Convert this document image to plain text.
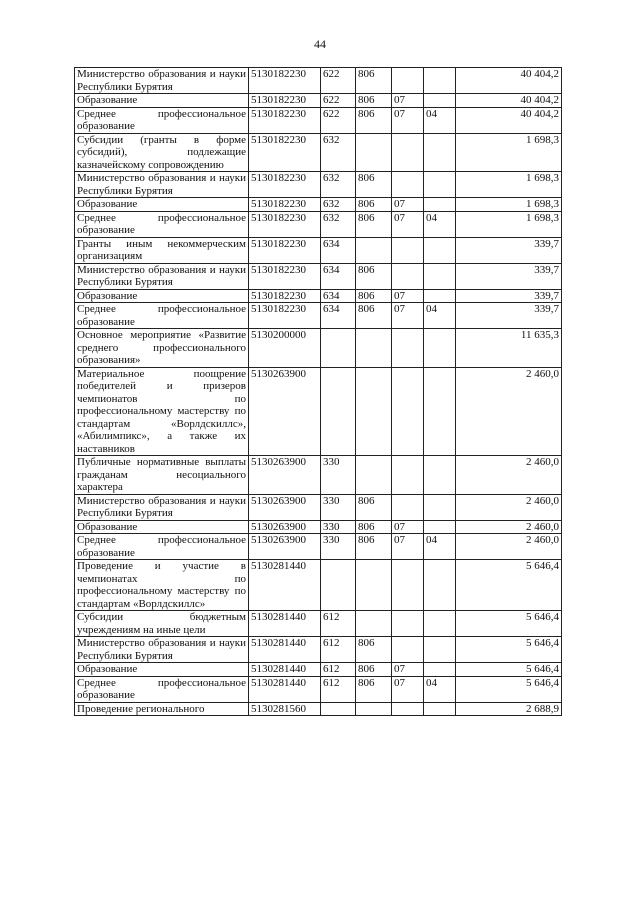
44
Министерство образования и науки Республики Бурятия	5130182230	622	806			40 404,2
Образование	5130182230	622	806	07		40 404,2
Среднее профессиональное образование	5130182230	622	806	07	04	40 404,2
Субсидии (гранты в форме субсидий), подлежащие казначейскому сопровождению	5130182230	632				1 698,3
Министерство образования и науки Республики Бурятия	5130182230	632	806			1 698,3
Образование	5130182230	632	806	07		1 698,3
Среднее профессиональное образование	5130182230	632	806	07	04	1 698,3
Гранты иным некоммерческим организациям	5130182230	634				339,7
Министерство образования и науки Республики Бурятия	5130182230	634	806			339,7
Образование	5130182230	634	806	07		339,7
Среднее профессиональное образование	5130182230	634	806	07	04	339,7
Основное мероприятие «Развитие среднего профессионального образования»	5130200000					11 635,3
Материальное поощрение победителей и призеров чемпионатов по профессиональному мастерству по стандартам «Ворлдскиллс», «Абилимпикс», а также их наставников	5130263900					2 460,0
Публичные нормативные выплаты гражданам несоциального характера	5130263900	330				2 460,0
Министерство образования и науки Республики Бурятия	5130263900	330	806			2 460,0
Образование	5130263900	330	806	07		2 460,0
Среднее профессиональное образование	5130263900	330	806	07	04	2 460,0
Проведение и участие в чемпионатах по профессиональному мастерству по стандартам «Ворлдскиллс»	5130281440					5 646,4
Субсидии бюджетным учреждениям на иные цели	5130281440	612				5 646,4
Министерство образования и науки Республики Бурятия	5130281440	612	806			5 646,4
Образование	5130281440	612	806	07		5 646,4
Среднее профессиональное образование	5130281440	612	806	07	04	5 646,4
Проведение регионального	5130281560					2 688,9
